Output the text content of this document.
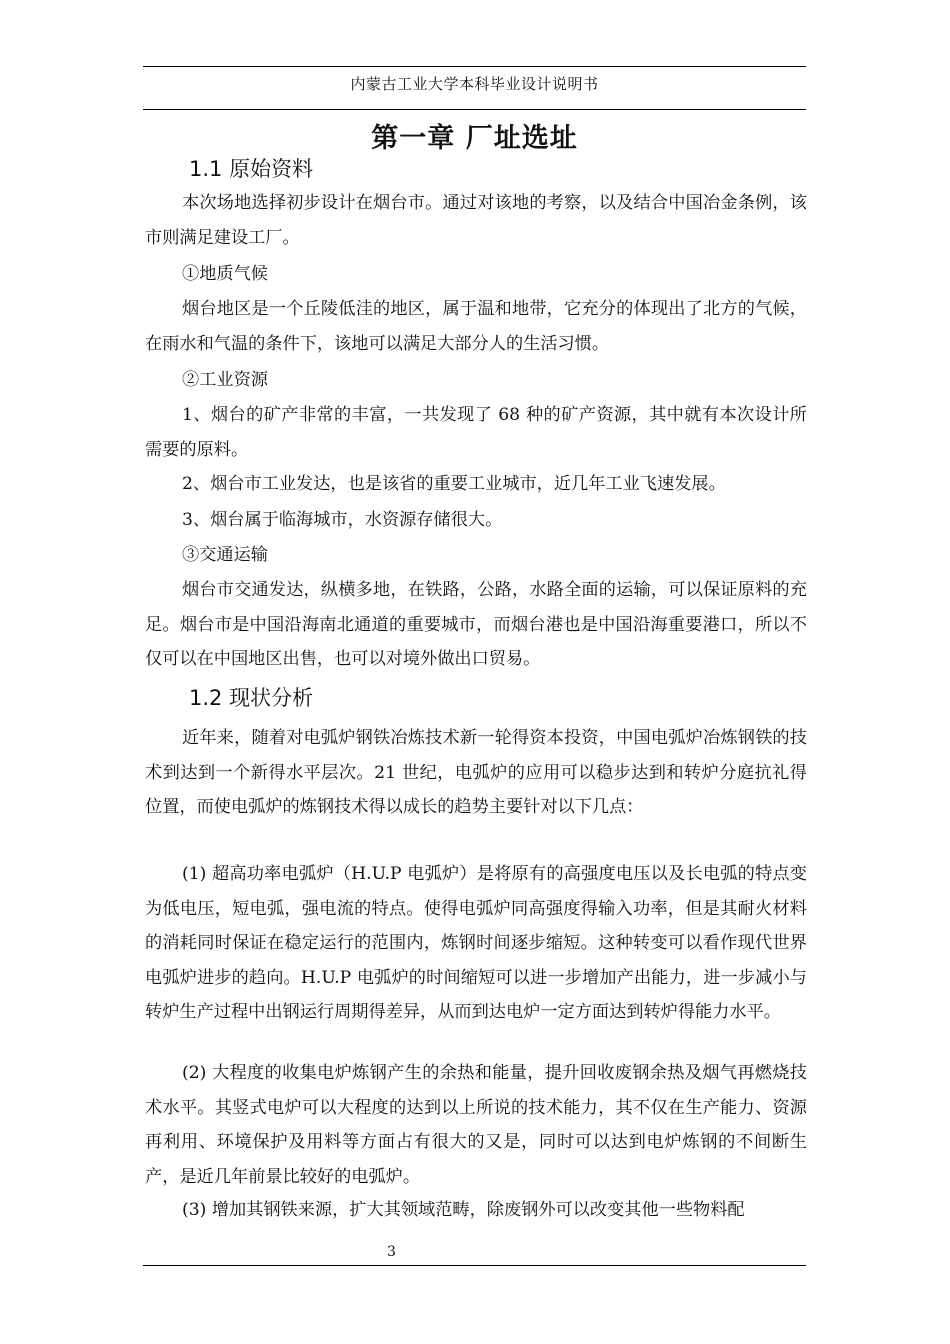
内蒙古工业大学本科毕业设计说明书
第一章 厂址选址
1.1 原始资料

本次场地选择初步设计在烟台市。通过对该地的考察，以及结合中国冶金条例，该市则满足建设工厂。

①地质气候

烟台地区是一个丘陵低洼的地区，属于温和地带，它充分的体现出了北方的气候，在雨水和气温的条件下，该地可以满足大部分人的生活习惯。

②工业资源

1、烟台的矿产非常的丰富，一共发现了 68 种的矿产资源，其中就有本次设计所需要的原料。

2、烟台市工业发达，也是该省的重要工业城市，近几年工业飞速发展。

3、烟台属于临海城市，水资源存储很大。

③交通运输

烟台市交通发达，纵横多地，在铁路，公路，水路全面的运输，可以保证原料的充足。烟台市是中国沿海南北通道的重要城市，而烟台港也是中国沿海重要港口，所以不仅可以在中国地区出售，也可以对境外做出口贸易。

1.2 现状分析

近年来，随着对电弧炉钢铁冶炼技术新一轮得资本投资，中国电弧炉冶炼钢铁的技术到达到一个新得水平层次。21 世纪，电弧炉的应用可以稳步达到和转炉分庭抗礼得位置，而使电弧炉的炼钢技术得以成长的趋势主要针对以下几点：

(1) 超高功率电弧炉（H.U.P 电弧炉）是将原有的高强度电压以及长电弧的特点变为低电压，短电弧，强电流的特点。使得电弧炉同高强度得输入功率，但是其耐火材料的消耗同时保证在稳定运行的范围内，炼钢时间逐步缩短。这种转变可以看作现代世界电弧炉进步的趋向。H.U.P 电弧炉的时间缩短可以进一步增加产出能力，进一步减小与转炉生产过程中出钢运行周期得差异，从而到达电炉一定方面达到转炉得能力水平。

(2) 大程度的收集电炉炼钢产生的余热和能量，提升回收废钢余热及烟气再燃烧技术水平。其竖式电炉可以大程度的达到以上所说的技术能力，其不仅在生产能力、资源再利用、环境保护及用料等方面占有很大的又是，同时可以达到电炉炼钢的不间断生产，是近几年前景比较好的电弧炉。

(3) 增加其钢铁来源，扩大其领域范畴，除废钢外可以改变其他一些物料配

3
